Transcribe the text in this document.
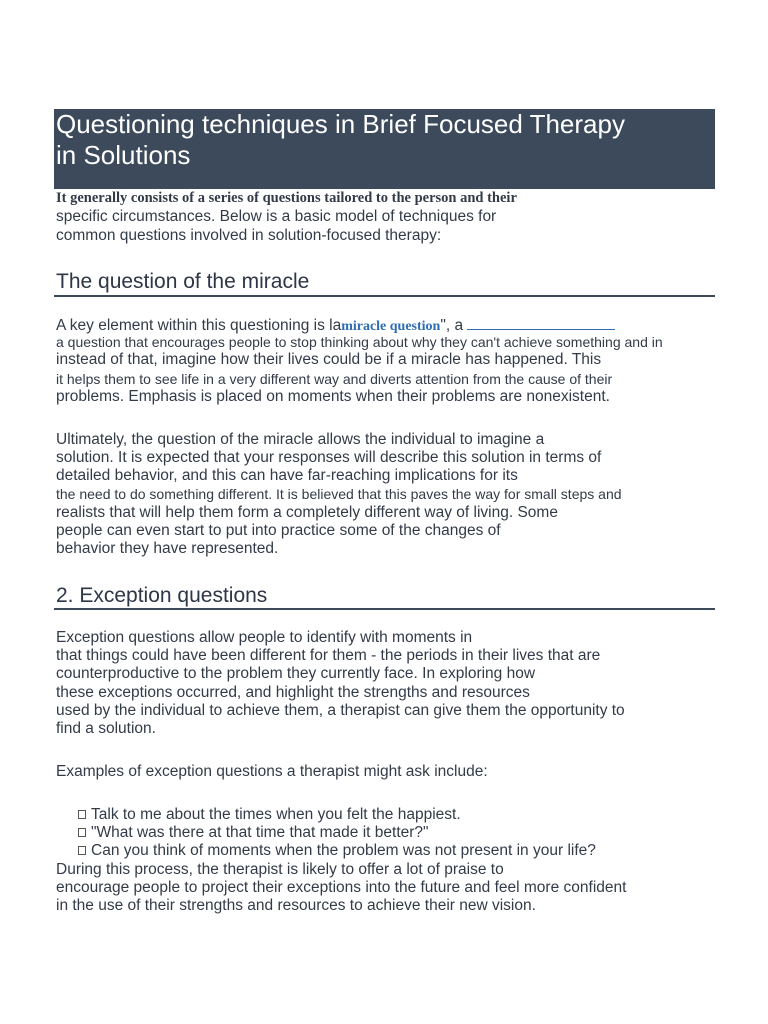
Questioning techniques in Brief Focused Therapy
in Solutions
It generally consists of a series of questions tailored to the person and their
specific circumstances. Below is a basic model of techniques for
common questions involved in solution-focused therapy:
The question of the miracle
A key element within this questioning is lamiracle question", a
a question that encourages people to stop thinking about why they can't achieve something and in
instead of that, imagine how their lives could be if a miracle has happened. This
it helps them to see life in a very different way and diverts attention from the cause of their
problems. Emphasis is placed on moments when their problems are nonexistent.
Ultimately, the question of the miracle allows the individual to imagine a
solution. It is expected that your responses will describe this solution in terms of
detailed behavior, and this can have far-reaching implications for its
the need to do something different. It is believed that this paves the way for small steps and
realists that will help them form a completely different way of living. Some
people can even start to put into practice some of the changes of
behavior they have represented.
2. Exception questions
Exception questions allow people to identify with moments in
that things could have been different for them - the periods in their lives that are
counterproductive to the problem they currently face. In exploring how
these exceptions occurred, and highlight the strengths and resources
used by the individual to achieve them, a therapist can give them the opportunity to
find a solution.
Examples of exception questions a therapist might ask include:
Talk to me about the times when you felt the happiest.
"What was there at that time that made it better?"
Can you think of moments when the problem was not present in your life?
During this process, the therapist is likely to offer a lot of praise to
encourage people to project their exceptions into the future and feel more confident
in the use of their strengths and resources to achieve their new vision.
